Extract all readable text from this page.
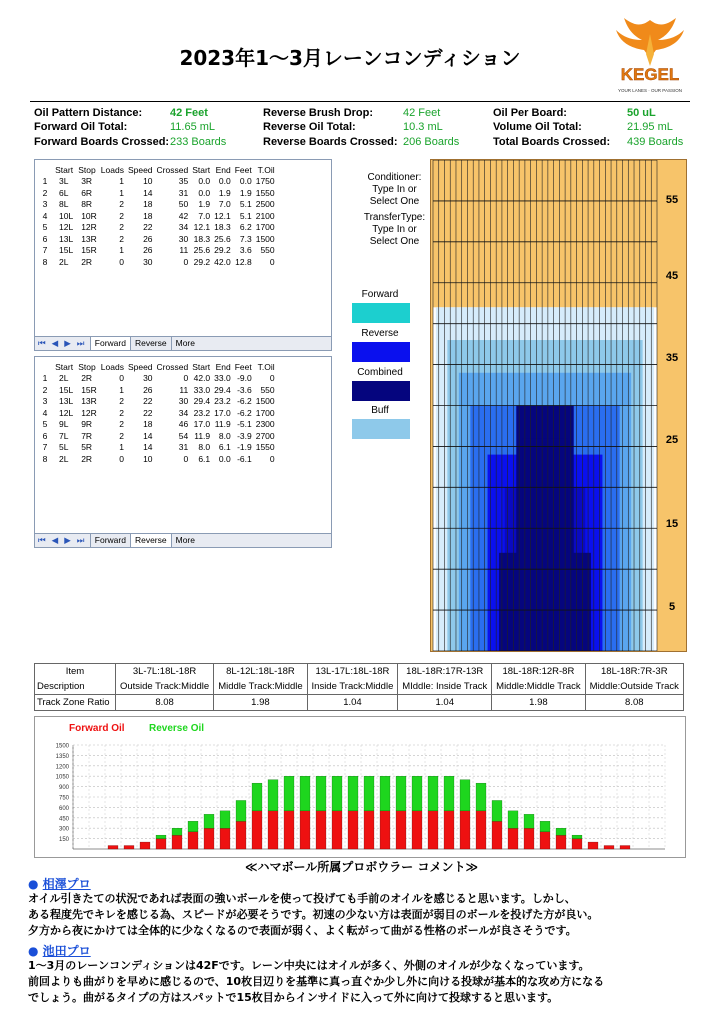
2023年1～3月レーンコンディション
KEGEL
YOUR LANES · OUR PASSION
Oil Pattern Distance:	42 Feet
Forward Oil Total:	11.65 mL
Forward Boards Crossed: 233 Boards
Reverse Brush Drop:	42 Feet
Reverse Oil Total:	10.3 mL
Reverse Boards Crossed: 206 Boards
Oil Per Board:	50 uL
Volume Oil Total:	21.95 mL
Total Boards Crossed: 439 Boards
	Start	Stop	Loads	Speed	Crossed	Start	End	Feet	T.Oil
1	3L	3R	1	10	35	0.0	0.0	0.0	1750
2	6L	6R	1	14	31	0.0	1.9	1.9	1550
3	8L	8R	2	18	50	1.9	7.0	5.1	2500
4	10L	10R	2	18	42	7.0	12.1	5.1	2100
5	12L	12R	2	22	34	12.1	18.3	6.2	1700
6	13L	13R	2	26	30	18.3	25.6	7.3	1500
7	15L	15R	1	26	11	25.6	29.2	3.6	550
8	2L	2R	0	30	0	29.2	42.0	12.8	0
⏮ ◀ ▶ ⏭ Forward Reverse More
	Start	Stop	Loads	Speed	Crossed	Start	End	Feet	T.Oil
1	2L	2R	0	30	0	42.0	33.0	-9.0	0
2	15L	15R	1	26	11	33.0	29.4	-3.6	550
3	13L	13R	2	22	30	29.4	23.2	-6.2	1500
4	12L	12R	2	22	34	23.2	17.0	-6.2	1700
5	9L	9R	2	18	46	17.0	11.9	-5.1	2300
6	7L	7R	2	14	54	11.9	8.0	-3.9	2700
7	5L	5R	1	14	31	8.0	6.1	-1.9	1550
8	2L	2R	0	10	0	6.1	0.0	-6.1	0
⏮ ◀ ▶ ⏭ Forward Reverse More
Conditioner:
Type In or Select One
TransferType:
Type In or Select One
Forward
Reverse
Combined
Buff
55
45
35
25
15
5
Item	3L-7L:18L-18R	8L-12L:18L-18R	13L-17L:18L-18R	18L-18R:17R-13R	18L-18R:12R-8R	18L-18R:7R-3R
Description	Outside Track:Middle	Middle Track:Middle	Inside Track:Middle	MIddle: Inside Track	Middle:Middle Track	Middle:Outside Track
Track Zone Ratio	8.08	1.98	1.04	1.04	1.98	8.08
Forward Oil Reverse Oil
1500
1350
1200
1050
900
750
600
450
300
150
≪ハマボール所属プロボウラー コメント≫
● 相澤プロ
オイル引きたての状況であれば表面の強いボールを使って投げても手前のオイルを感じると思います。しかし、
ある程度先でキレを感じる為、スピードが必要そうです。初速の少ない方は表面が弱目のボールを投げた方が良い。
夕方から夜にかけては全体的に少なくなるので表面が弱く、よく転がって曲がる性格のボールが良さそうです。
● 池田プロ
1～3月のレーンコンディションは42Fです。レーン中央にはオイルが多く、外側のオイルが少なくなっています。
前回よりも曲がりを早めに感じるので、10枚目辺りを基準に真っ直ぐか少し外に向ける投球が基本的な攻め方になる
でしょう。曲がるタイプの方はスパットで15枚目からインサイドに入って外に向けて投球すると思います。
